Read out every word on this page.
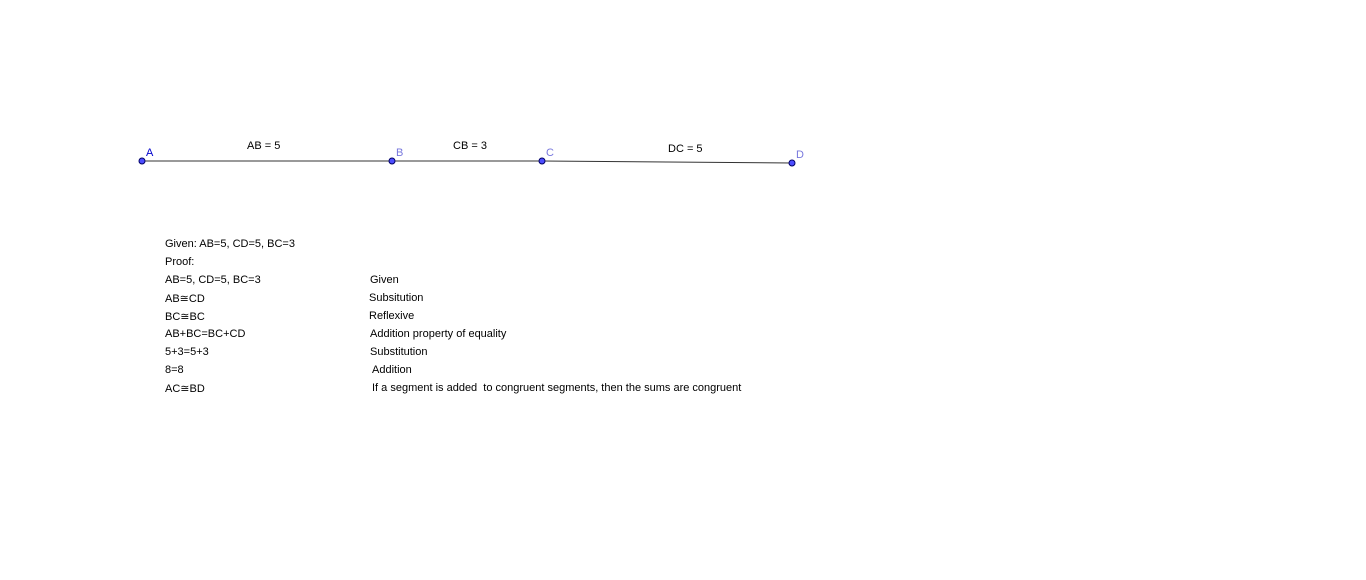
AB = 5	CB = 3	DC = 5
A	B	C	D
Given: AB=5, CD=5, BC=3
Proof:
AB=5, CD=5, BC=3	Given
AB≅CD	Subsitution
BC≅BC	Reflexive
AB+BC=BC+CD	Addition property of equality
5+3=5+3	Substitution
8=8	Addition
AC≅BD	If a segment is added  to congruent segments, then the sums are congruent
